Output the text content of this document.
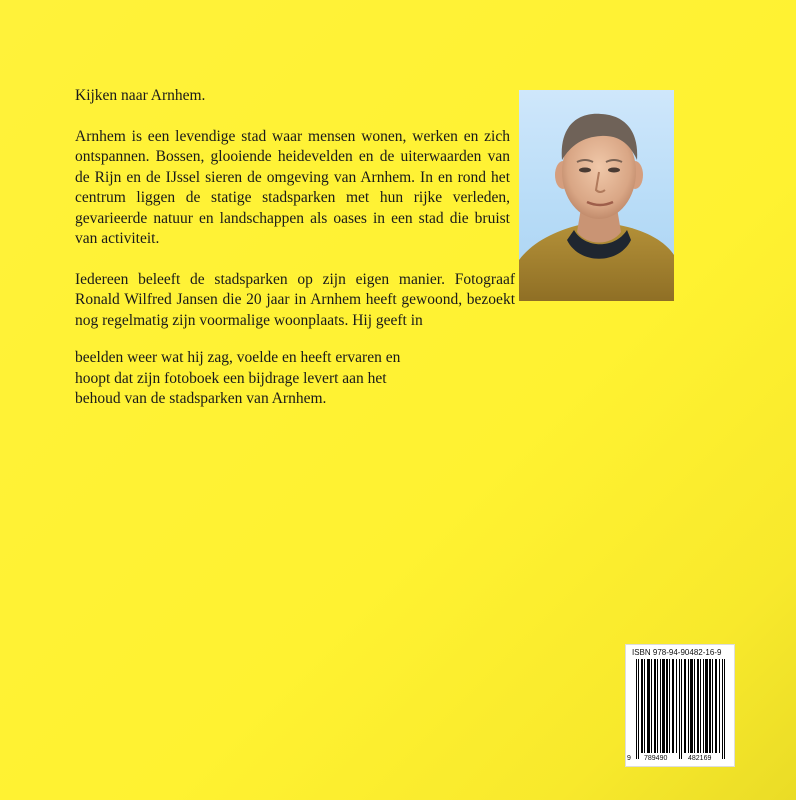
Kijken naar Arnhem.

Arnhem is een levendige stad waar mensen wonen, werken en zich ontspannen. Bossen, glooiende heidevelden en de uiterwaarden van de Rijn en de IJssel sieren de omgeving van Arnhem. In en rond het centrum liggen de statige stadsparken met hun rijke verleden, gevarieerde natuur en landschappen als oases in een stad die bruist van activiteit.

Iedereen beleeft de stadsparken op zijn eigen manier. Fotograaf Ronald Wilfred Jansen die 20 jaar in Arnhem heeft gewoond, bezoekt nog regelmatig zijn voormalige woonplaats. Hij geeft in

beelden weer wat hij zag, voelde en heeft ervaren en hoopt dat zijn fotoboek een bijdrage levert aan het behoud van de stadsparken van Arnhem.
ISBN 978-94-90482-16-9
9 789490	482169
